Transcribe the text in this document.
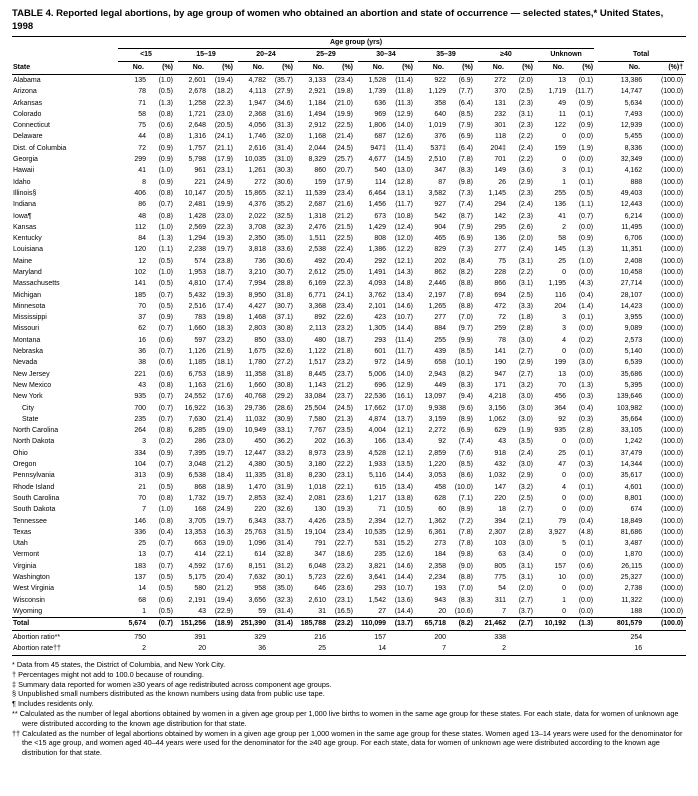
TABLE 4. Reported legal abortions, by age group of women who obtained an abortion and state of occurrence — selected states,* United States, 1998

	Age group (yrs)																	

	<15		15–19		20–24		25–29		30–34		35–39		≥40		Unknown		Total	

State	No.	(%)	No.	(%)	No.	(%)	No.	(%)	No.	(%)	No.	(%)	No.	(%)	No.	(%)	No.	(%)†
Alabama	135	(1.0)	2,601	(19.4)	4,782	(35.7)	3,133	(23.4)	1,528	(11.4)	922	(6.9)	272	(2.0)	13	(0.1)	13,386	(100.0)
Arizona	78	(0.5)	2,678	(18.2)	4,113	(27.9)	2,921	(19.8)	1,739	(11.8)	1,129	(7.7)	370	(2.5)	1,719	(11.7)	14,747	(100.0)
Arkansas	71	(1.3)	1,258	(22.3)	1,947	(34.6)	1,184	(21.0)	636	(11.3)	358	(6.4)	131	(2.3)	49	(0.9)	5,634	(100.0)
Colorado	58	(0.8)	1,721	(23.0)	2,368	(31.6)	1,494	(19.9)	969	(12.9)	640	(8.5)	232	(3.1)	11	(0.1)	7,493	(100.0)
Connecticut	75	(0.6)	2,648	(20.5)	4,056	(31.3)	2,912	(22.5)	1,806	(14.0)	1,019	(7.9)	301	(2.3)	122	(0.9)	12,939	(100.0)
Delaware	44	(0.8)	1,316	(24.1)	1,746	(32.0)	1,168	(21.4)	687	(12.6)	376	(6.9)	118	(2.2)	0	(0.0)	5,455	(100.0)
Dist. of Columbia	72	(0.9)	1,757	(21.1)	2,616	(31.4)	2,044	(24.5)	947‡	(11.4)	537‡	(6.4)	204‡	(2.4)	159	(1.9)	8,336	(100.0)
Georgia	299	(0.9)	5,798	(17.9)	10,035	(31.0)	8,329	(25.7)	4,677	(14.5)	2,510	(7.8)	701	(2.2)	0	(0.0)	32,349	(100.0)
Hawaii	41	(1.0)	961	(23.1)	1,261	(30.3)	860	(20.7)	540	(13.0)	347	(8.3)	149	(3.6)	3	(0.1)	4,162	(100.0)
Idaho	8	(0.9)	221	(24.9)	272	(30.6)	159	(17.9)	114	(12.8)	87	(9.8)	26	(2.9)	1	(0.1)	888	(100.0)
Illinois§	406	(0.8)	10,147	(20.5)	15,865	(32.1)	11,539	(23.4)	6,464	(13.1)	3,582	(7.3)	1,145	(2.3)	255	(0.5)	49,403	(100.0)
Indiana	86	(0.7)	2,481	(19.9)	4,376	(35.2)	2,687	(21.6)	1,456	(11.7)	927	(7.4)	294	(2.4)	136	(1.1)	12,443	(100.0)
Iowa¶	48	(0.8)	1,428	(23.0)	2,022	(32.5)	1,318	(21.2)	673	(10.8)	542	(8.7)	142	(2.3)	41	(0.7)	6,214	(100.0)
Kansas	112	(1.0)	2,569	(22.3)	3,708	(32.3)	2,476	(21.5)	1,429	(12.4)	904	(7.9)	295	(2.6)	2	(0.0)	11,495	(100.0)
Kentucky	84	(1.3)	1,294	(19.3)	2,350	(35.0)	1,511	(22.5)	808	(12.0)	465	(6.9)	136	(2.0)	58	(0.9)	6,706	(100.0)
Louisiana	120	(1.1)	2,238	(19.7)	3,818	(33.6)	2,538	(22.4)	1,386	(12.2)	829	(7.3)	277	(2.4)	145	(1.3)	11,351	(100.0)
Maine	12	(0.5)	574	(23.8)	736	(30.6)	492	(20.4)	292	(12.1)	202	(8.4)	75	(3.1)	25	(1.0)	2,408	(100.0)
Maryland	102	(1.0)	1,953	(18.7)	3,210	(30.7)	2,612	(25.0)	1,491	(14.3)	862	(8.2)	228	(2.2)	0	(0.0)	10,458	(100.0)
Massachusetts	141	(0.5)	4,810	(17.4)	7,994	(28.8)	6,169	(22.3)	4,093	(14.8)	2,446	(8.8)	866	(3.1)	1,195	(4.3)	27,714	(100.0)
Michigan	185	(0.7)	5,432	(19.3)	8,950	(31.8)	6,771	(24.1)	3,762	(13.4)	2,197	(7.8)	694	(2.5)	116	(0.4)	28,107	(100.0)
Minnesota	70	(0.5)	2,516	(17.4)	4,427	(30.7)	3,368	(23.4)	2,101	(14.6)	1,265	(8.8)	472	(3.3)	204	(1.4)	14,423	(100.0)
Mississippi	37	(0.9)	783	(19.8)	1,468	(37.1)	892	(22.6)	423	(10.7)	277	(7.0)	72	(1.8)	3	(0.1)	3,955	(100.0)
Missouri	62	(0.7)	1,660	(18.3)	2,803	(30.8)	2,113	(23.2)	1,305	(14.4)	884	(9.7)	259	(2.8)	3	(0.0)	9,089	(100.0)
Montana	16	(0.6)	597	(23.2)	850	(33.0)	480	(18.7)	293	(11.4)	255	(9.9)	78	(3.0)	4	(0.2)	2,573	(100.0)
Nebraska	36	(0.7)	1,126	(21.9)	1,675	(32.6)	1,122	(21.8)	601	(11.7)	439	(8.5)	141	(2.7)	0	(0.0)	5,140	(100.0)
Nevada	38	(0.6)	1,185	(18.1)	1,780	(27.2)	1,517	(23.2)	972	(14.9)	658	(10.1)	190	(2.9)	199	(3.0)	6,539	(100.0)
New Jersey	221	(0.6)	6,753	(18.9)	11,358	(31.8)	8,445	(23.7)	5,006	(14.0)	2,943	(8.2)	947	(2.7)	13	(0.0)	35,686	(100.0)
New Mexico	43	(0.8)	1,163	(21.6)	1,660	(30.8)	1,143	(21.2)	696	(12.9)	449	(8.3)	171	(3.2)	70	(1.3)	5,395	(100.0)
New York	935	(0.7)	24,552	(17.6)	40,768	(29.2)	33,084	(23.7)	22,536	(16.1)	13,097	(9.4)	4,218	(3.0)	456	(0.3)	139,646	(100.0)
City	700	(0.7)	16,922	(16.3)	29,736	(28.6)	25,504	(24.5)	17,662	(17.0)	9,938	(9.6)	3,156	(3.0)	364	(0.4)	103,982	(100.0)
State	235	(0.7)	7,630	(21.4)	11,032	(30.9)	7,580	(21.3)	4,874	(13.7)	3,159	(8.9)	1,062	(3.0)	92	(0.3)	35,664	(100.0)
North Carolina	264	(0.8)	6,285	(19.0)	10,949	(33.1)	7,767	(23.5)	4,004	(12.1)	2,272	(6.9)	629	(1.9)	935	(2.8)	33,105	(100.0)
North Dakota	3	(0.2)	286	(23.0)	450	(36.2)	202	(16.3)	166	(13.4)	92	(7.4)	43	(3.5)	0	(0.0)	1,242	(100.0)
Ohio	334	(0.9)	7,395	(19.7)	12,447	(33.2)	8,973	(23.9)	4,528	(12.1)	2,859	(7.6)	918	(2.4)	25	(0.1)	37,479	(100.0)
Oregon	104	(0.7)	3,048	(21.2)	4,380	(30.5)	3,180	(22.2)	1,933	(13.5)	1,220	(8.5)	432	(3.0)	47	(0.3)	14,344	(100.0)
Pennsylvania	313	(0.9)	6,538	(18.4)	11,335	(31.8)	8,230	(23.1)	5,116	(14.4)	3,053	(8.6)	1,032	(2.9)	0	(0.0)	35,617	(100.0)
Rhode Island	21	(0.5)	868	(18.9)	1,470	(31.9)	1,018	(22.1)	615	(13.4)	458	(10.0)	147	(3.2)	4	(0.1)	4,601	(100.0)
South Carolina	70	(0.8)	1,732	(19.7)	2,853	(32.4)	2,081	(23.6)	1,217	(13.8)	628	(7.1)	220	(2.5)	0	(0.0)	8,801	(100.0)
South Dakota	7	(1.0)	168	(24.9)	220	(32.6)	130	(19.3)	71	(10.5)	60	(8.9)	18	(2.7)	0	(0.0)	674	(100.0)
Tennessee	146	(0.8)	3,705	(19.7)	6,343	(33.7)	4,426	(23.5)	2,394	(12.7)	1,362	(7.2)	394	(2.1)	79	(0.4)	18,849	(100.0)
Texas	336	(0.4)	13,353	(16.3)	25,763	(31.5)	19,104	(23.4)	10,535	(12.9)	6,361	(7.8)	2,307	(2.8)	3,927	(4.8)	81,686	(100.0)
Utah	25	(0.7)	663	(19.0)	1,096	(31.4)	791	(22.7)	531	(15.2)	273	(7.8)	103	(3.0)	5	(0.1)	3,487	(100.0)
Vermont	13	(0.7)	414	(22.1)	614	(32.8)	347	(18.6)	235	(12.6)	184	(9.8)	63	(3.4)	0	(0.0)	1,870	(100.0)
Virginia	183	(0.7)	4,592	(17.6)	8,151	(31.2)	6,048	(23.2)	3,821	(14.6)	2,358	(9.0)	805	(3.1)	157	(0.6)	26,115	(100.0)
Washington	137	(0.5)	5,175	(20.4)	7,632	(30.1)	5,723	(22.6)	3,641	(14.4)	2,234	(8.8)	775	(3.1)	10	(0.0)	25,327	(100.0)
West Virginia	14	(0.5)	580	(21.2)	958	(35.0)	646	(23.6)	293	(10.7)	193	(7.0)	54	(2.0)	0	(0.0)	2,738	(100.0)
Wisconsin	68	(0.6)	2,191	(19.4)	3,656	(32.3)	2,610	(23.1)	1,542	(13.6)	943	(8.3)	311	(2.7)	1	(0.0)	11,322	(100.0)
Wyoming	1	(0.5)	43	(22.9)	59	(31.4)	31	(16.5)	27	(14.4)	20	(10.6)	7	(3.7)	0	(0.0)	188	(100.0)
Total	5,674	(0.7)	151,256	(18.9)	251,390	(31.4)	185,788	(23.2)	110,099	(13.7)	65,718	(8.2)	21,462	(2.7)	10,192	(1.3)	801,579	(100.0)
Abortion ratio**	750		391		329		216		157		200		338				254	
Abortion rate††	2		20		36		25		14		7		2				16	
* Data from 45 states, the District of Columbia, and New York City.
† Percentages might not add to 100.0 because of rounding.
‡ Summary data reported for women ≥30 years of age redistributed across component age groups.
§ Unpublished small numbers distributed as the known numbers using data from public use tape.
¶ Includes residents only.
** Calculated as the number of legal abortions obtained by women in a given age group per 1,000 live births to women in the same age group for these states. For each state, data for women of unknown age were distributed according to the known age distribution for that state.
†† Calculated as the number of legal abortions obtained by women in a given age group per 1,000 women in the same age group for these states. Women aged 13–14 years were used for the denominator for the <15 age group, and women aged 40–44 years were used for the denominator for the ≥40 age group. For each state, data for women of unknown age were distributed according to the known age distribution for that state.
